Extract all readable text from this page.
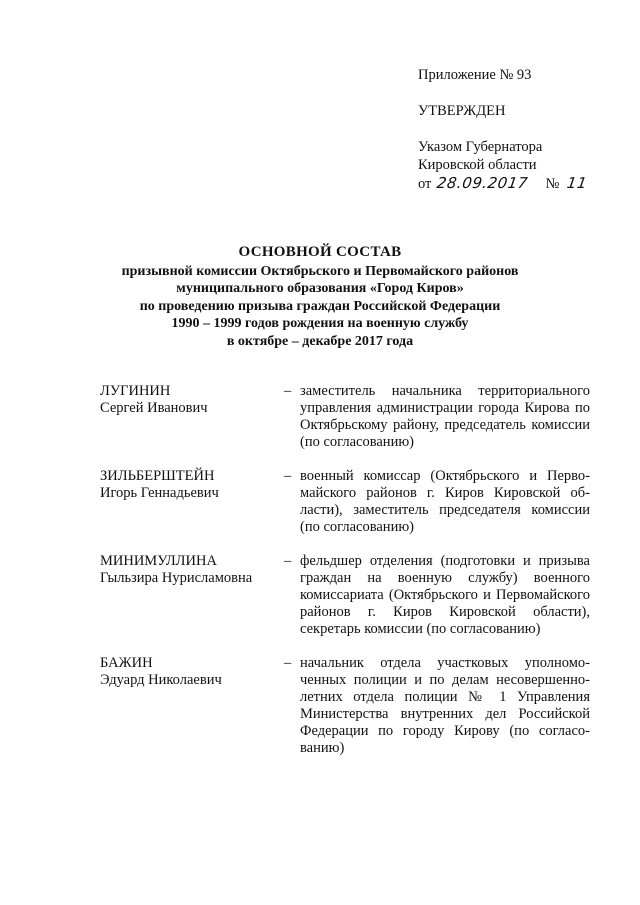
Приложение № 93
УТВЕРЖДЕН
Указом Губернатора
Кировской области
от 28.09.2017 № 11
ОСНОВНОЙ СОСТАВ
призывной комиссии Октябрьского и Первомайского районов
муниципального образования «Город Киров»
по проведению призыва граждан Российской Федерации
1990 – 1999 годов рождения на военную службу
в октябре – декабре 2017 года
ЛУГИНИН
Сергей Иванович
– заместитель начальника территориального управления администрации города Кирова по Октябрьскому району, председатель комиссии (по согласованию)
ЗИЛЬБЕРШТЕЙН
Игорь Геннадьевич
– военный комиссар (Октябрьского и Первомайского районов г. Киров Кировской области), заместитель председателя комиссии (по согласованию)
МИНИМУЛЛИНА
Гыльзира Нурисламовна
– фельдшер отделения (подготовки и призыва граждан на военную службу) военного комиссариата (Октябрьского и Первомайского районов г. Киров Кировской области), секретарь комиссии (по согласованию)
БАЖИН
Эдуард Николаевич
– начальник отдела участковых уполномоченных полиции и по делам несовершеннолетних отдела полиции № 1 Управления Министерства внутренних дел Российской Федерации по городу Кирову (по согласованию)
